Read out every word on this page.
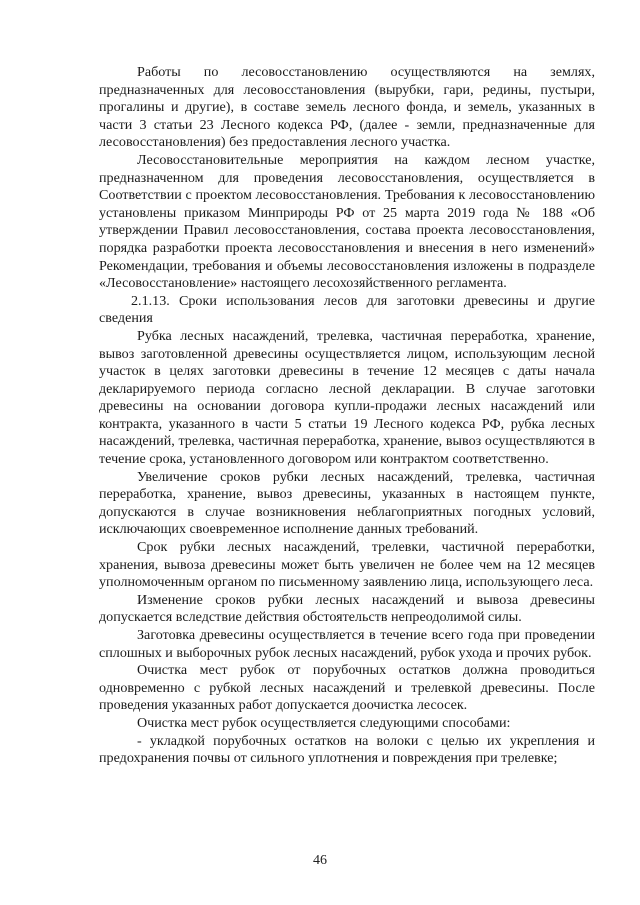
Работы по лесовосстановлению осуществляются на землях, предназначенных для лесовосстановления (вырубки, гари, редины, пустыри, прогалины и другие), в составе земель лесного фонда, и земель, указанных в части 3 статьи 23 Лесного кодекса РФ, (далее - земли, предназначенные для лесовосстановления) без предоставления лесного участка.

Лесовосстановительные мероприятия на каждом лесном участке, предназначенном для проведения лесовосстановления, осуществляется в Соответствии с проектом лесовосстановления. Требования к лесовосстановлению установлены приказом Минприроды РФ от 25 марта 2019 года № 188 «Об утверждении Правил лесовосстановления, состава проекта лесовосстановления, порядка разработки проекта лесовосстановления и внесения в него изменений» Рекомендации, требования и объемы лесовосстановления изложены в подразделе «Лесовосстановление» настоящего лесохозяйственного регламента.

2.1.13. Сроки использования лесов для заготовки древесины и другие сведения

Рубка лесных насаждений, трелевка, частичная переработка, хранение, вывоз заготовленной древесины осуществляется лицом, использующим лесной участок в целях заготовки древесины в течение 12 месяцев с даты начала декларируемого периода согласно лесной декларации. В случае заготовки древесины на основании договора купли-продажи лесных насаждений или контракта, указанного в части 5 статьи 19 Лесного кодекса РФ, рубка лесных насаждений, трелевка, частичная переработка, хранение, вывоз осуществляются в течение срока, установленного договором или контрактом соответственно.

Увеличение сроков рубки лесных насаждений, трелевка, частичная переработка, хранение, вывоз древесины, указанных в настоящем пункте, допускаются в случае возникновения неблагоприятных погодных условий, исключающих своевременное исполнение данных требований.

Срок рубки лесных насаждений, трелевки, частичной переработки, хранения, вывоза древесины может быть увеличен не более чем на 12 месяцев уполномоченным органом по письменному заявлению лица, использующего леса.

Изменение сроков рубки лесных насаждений и вывоза древесины допускается вследствие действия обстоятельств непреодолимой силы.

Заготовка древесины осуществляется в течение всего года при проведении сплошных и выборочных рубок лесных насаждений, рубок ухода и прочих рубок.

Очистка мест рубок от порубочных остатков должна проводиться одновременно с рубкой лесных насаждений и трелевкой древесины. После проведения указанных работ допускается доочистка лесосек.

Очистка мест рубок осуществляется следующими способами:

- укладкой порубочных остатков на волоки с целью их укрепления и предохранения почвы от сильного уплотнения и повреждения при трелевке;

46
